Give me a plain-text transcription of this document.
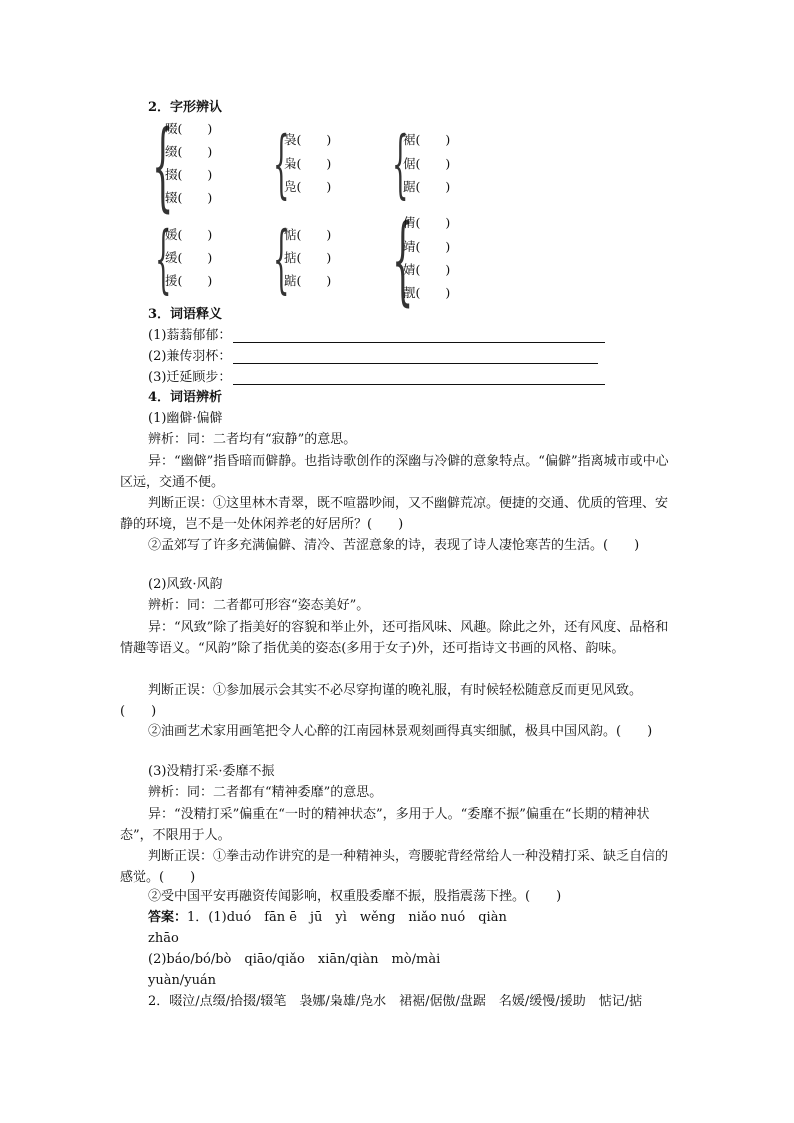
2．字形辨认
{
啜(　　)
缀(　　)
掇(　　)
辍(　　) {
袅(　　)
枭(　　)
凫(　　) {
裾(　　)
倨(　　)
踞(　　)
{
媛(　　)
缓(　　)
援(　　) {
惦(　　)
掂(　　)
踮(　　) {
倩(　　)
靖(　　)
婧(　　)
靓(　　)
3．词语释义
(1)蓊蓊郁郁：
(2)兼传羽杯：
(3)迁延顾步：
4．词语辨析
(1)幽僻·偏僻
辨析：同：二者均有“寂静”的意思。
异：“幽僻”指昏暗而僻静。也指诗歌创作的深幽与冷僻的意象特点。“偏僻”指离城市或中心区远，交通不便。
判断正误：①这里林木青翠，既不喧嚣吵闹，又不幽僻荒凉。便捷的交通、优质的管理、安静的环境，岂不是一处休闲养老的好居所？(　　)
②孟郊写了许多充满偏僻、清冷、苦涩意象的诗，表现了诗人凄怆寒苦的生活。(　　)
(2)风致·风韵
辨析：同：二者都可形容“姿态美好”。
异：“风致”除了指美好的容貌和举止外，还可指风味、风趣。除此之外，还有风度、品格和情趣等语义。“风韵”除了指优美的姿态(多用于女子)外，还可指诗文书画的风格、韵味。
判断正误：①参加展示会其实不必尽穿拘谨的晚礼服，有时候轻松随意反而更见风致。(　　)
②油画艺术家用画笔把令人心醉的江南园林景观刻画得真实细腻，极具中国风韵。(　　)
(3)没精打采·委靡不振
辨析：同：二者都有“精神委靡”的意思。
异：“没精打采”偏重在“一时的精神状态”，多用于人。“委靡不振”偏重在“长期的精神状态”，不限用于人。
判断正误：①拳击动作讲究的是一种精神头，弯腰驼背经常给人一种没精打采、缺乏自信的感觉。(　　)
②受中国平安再融资传闻影响，权重股委靡不振，股指震荡下挫。(　　)
答案：1．(1)duó　fān ē　jū　yì　wěng　niǎo nuó　qiàn
zhāo
(2)báo/bó/bò　qiāo/qiǎo　xiān/qiàn　mò/mài
yuàn/yuán
2．啜泣/点缀/拾掇/辍笔　袅娜/枭雄/凫水　裙裾/倨傲/盘踞　名媛/缓慢/援助　惦记/掂
